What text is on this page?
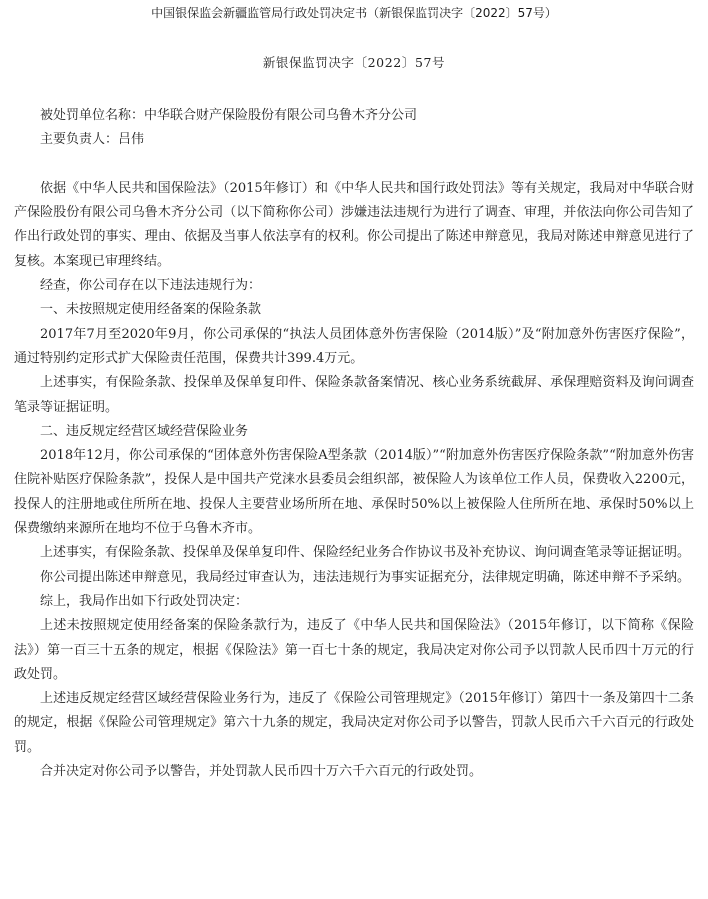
中国银保监会新疆监管局行政处罚决定书（新银保监罚决字〔2022〕57号）
新银保监罚决字〔2022〕57号

被处罚单位名称：中华联合财产保险股份有限公司乌鲁木齐分公司

主要负责人：吕伟

依据《中华人民共和国保险法》（2015年修订）和《中华人民共和国行政处罚法》等有关规定，我局对中华联合财产保险股份有限公司乌鲁木齐分公司（以下简称你公司）涉嫌违法违规行为进行了调查、审理，并依法向你公司告知了作出行政处罚的事实、理由、依据及当事人依法享有的权利。你公司提出了陈述申辩意见，我局对陈述申辩意见进行了复核。本案现已审理终结。

经查，你公司存在以下违法违规行为：

一、未按照规定使用经备案的保险条款

2017年7月至2020年9月，你公司承保的“执法人员团体意外伤害保险（2014版）”及“附加意外伤害医疗保险”，通过特别约定形式扩大保险责任范围，保费共计399.4万元。

上述事实，有保险条款、投保单及保单复印件、保险条款备案情况、核心业务系统截屏、承保理赔资料及询问调查笔录等证据证明。

二、违反规定经营区域经营保险业务

2018年12月，你公司承保的“团体意外伤害保险A型条款（2014版）”“附加意外伤害医疗保险条款”“附加意外伤害住院补贴医疗保险条款”，投保人是中国共产党涞水县委员会组织部，被保险人为该单位工作人员，保费收入2200元，投保人的注册地或住所所在地、投保人主要营业场所所在地、承保时50%以上被保险人住所所在地、承保时50%以上保费缴纳来源所在地均不位于乌鲁木齐市。

上述事实，有保险条款、投保单及保单复印件、保险经纪业务合作协议书及补充协议、询问调查笔录等证据证明。

你公司提出陈述申辩意见，我局经过审查认为，违法违规行为事实证据充分，法律规定明确，陈述申辩不予采纳。

综上，我局作出如下行政处罚决定：

上述未按照规定使用经备案的保险条款行为，违反了《中华人民共和国保险法》（2015年修订，以下简称《保险法》）第一百三十五条的规定，根据《保险法》第一百七十条的规定，我局决定对你公司予以罚款人民币四十万元的行政处罚。

上述违反规定经营区域经营保险业务行为，违反了《保险公司管理规定》（2015年修订）第四十一条及第四十二条的规定，根据《保险公司管理规定》第六十九条的规定，我局决定对你公司予以警告，罚款人民币六千六百元的行政处罚。

合并决定对你公司予以警告，并处罚款人民币四十万六千六百元的行政处罚。
